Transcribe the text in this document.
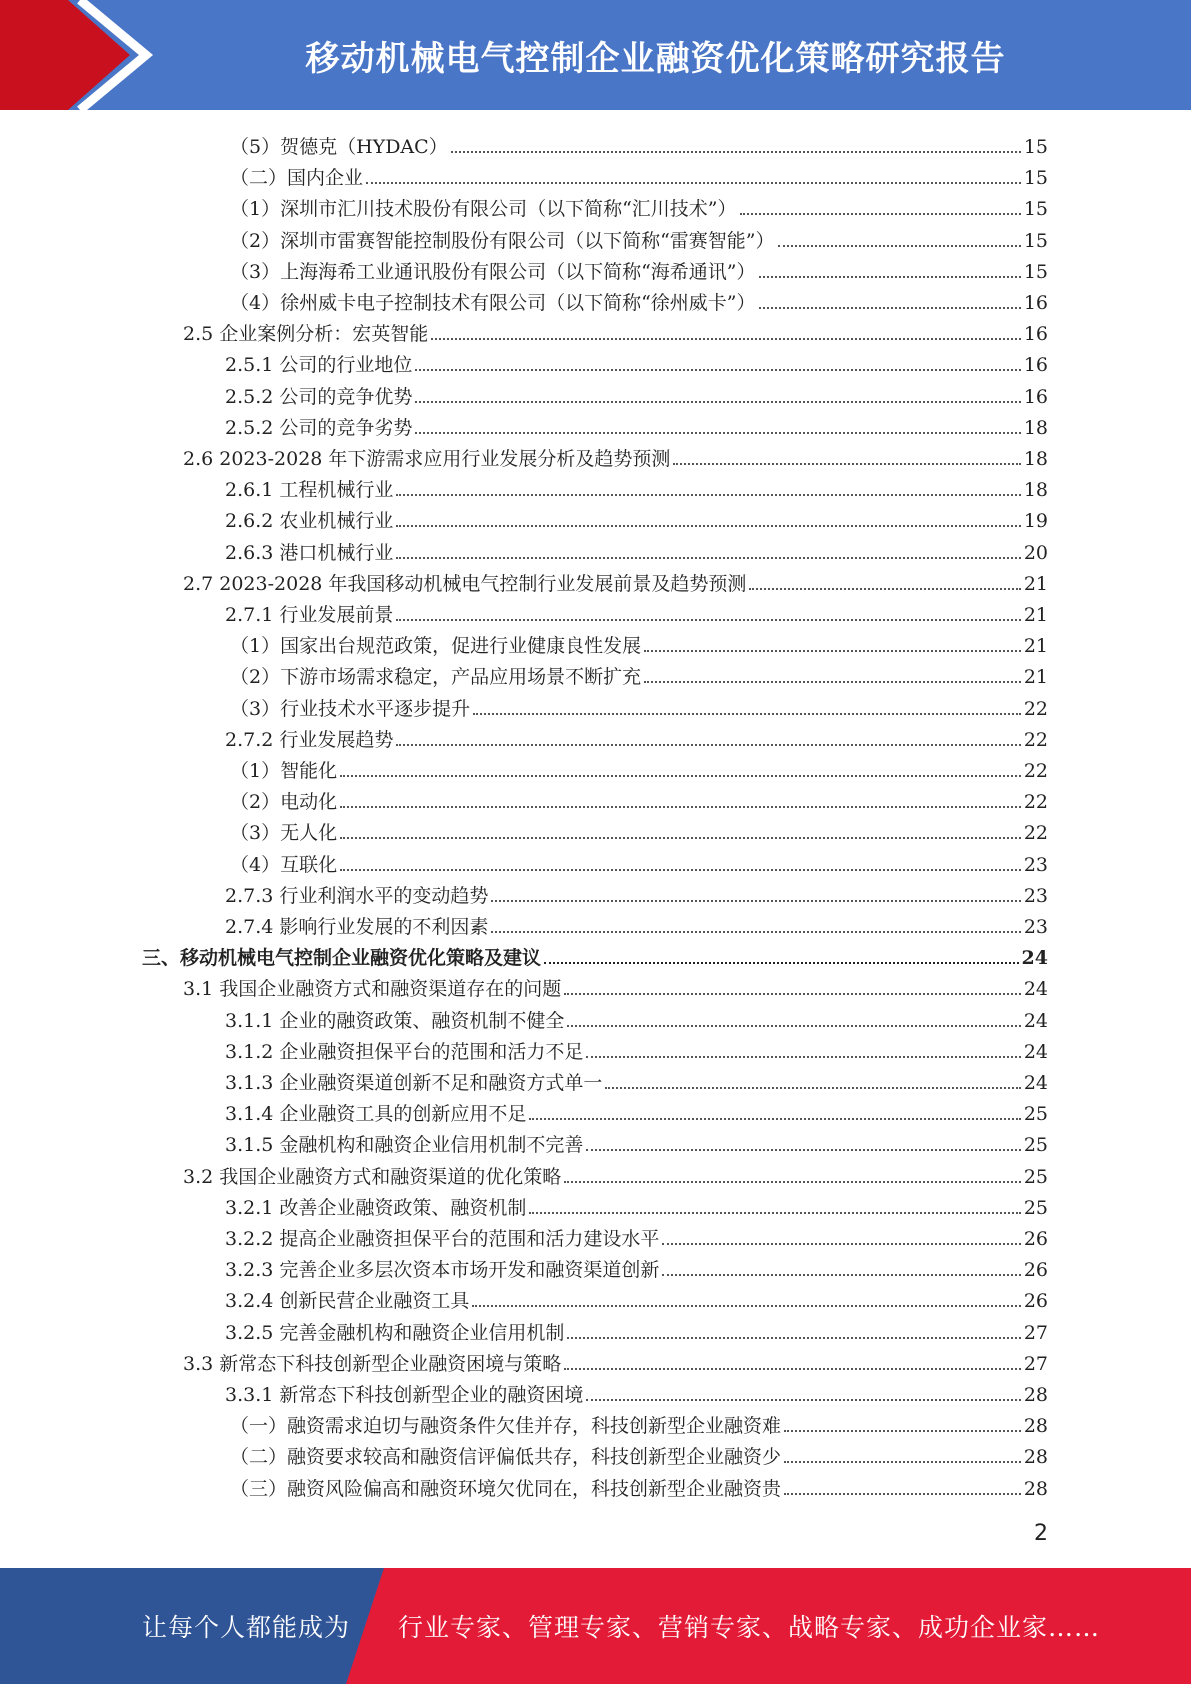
移动机械电气控制企业融资优化策略研究报告
（5）贺德克（HYDAC）	15
（二）国内企业	15
（1）深圳市汇川技术股份有限公司（以下简称“汇川技术”）	15
（2）深圳市雷赛智能控制股份有限公司（以下简称“雷赛智能”）	15
（3）上海海希工业通讯股份有限公司（以下简称“海希通讯”）	15
（4）徐州威卡电子控制技术有限公司（以下简称“徐州威卡”）	16
2.5 企业案例分析：宏英智能	16
2.5.1 公司的行业地位	16
2.5.2 公司的竞争优势	16
2.5.2 公司的竞争劣势	18
2.6 2023-2028 年下游需求应用行业发展分析及趋势预测	18
2.6.1 工程机械行业	18
2.6.2 农业机械行业	19
2.6.3 港口机械行业	20
2.7 2023-2028 年我国移动机械电气控制行业发展前景及趋势预测	21
2.7.1 行业发展前景	21
（1）国家出台规范政策，促进行业健康良性发展	21
（2）下游市场需求稳定，产品应用场景不断扩充	21
（3）行业技术水平逐步提升	22
2.7.2 行业发展趋势	22
（1）智能化	22
（2）电动化	22
（3）无人化	22
（4）互联化	23
2.7.3 行业利润水平的变动趋势	23
2.7.4 影响行业发展的不利因素	23
三、移动机械电气控制企业融资优化策略及建议	24
3.1 我国企业融资方式和融资渠道存在的问题	24
3.1.1 企业的融资政策、融资机制不健全	24
3.1.2 企业融资担保平台的范围和活力不足	24
3.1.3 企业融资渠道创新不足和融资方式单一	24
3.1.4 企业融资工具的创新应用不足	25
3.1.5 金融机构和融资企业信用机制不完善	25
3.2 我国企业融资方式和融资渠道的优化策略	25
3.2.1 改善企业融资政策、融资机制	25
3.2.2 提高企业融资担保平台的范围和活力建设水平	26
3.2.3 完善企业多层次资本市场开发和融资渠道创新	26
3.2.4 创新民营企业融资工具	26
3.2.5 完善金融机构和融资企业信用机制	27
3.3 新常态下科技创新型企业融资困境与策略	27
3.3.1 新常态下科技创新型企业的融资困境	28
（一）融资需求迫切与融资条件欠佳并存，科技创新型企业融资难	28
（二）融资要求较高和融资信评偏低共存，科技创新型企业融资少	28
（三）融资风险偏高和融资环境欠优同在，科技创新型企业融资贵	28
2
让每个人都能成为 行业专家、管理专家、营销专家、战略专家、成功企业家……
